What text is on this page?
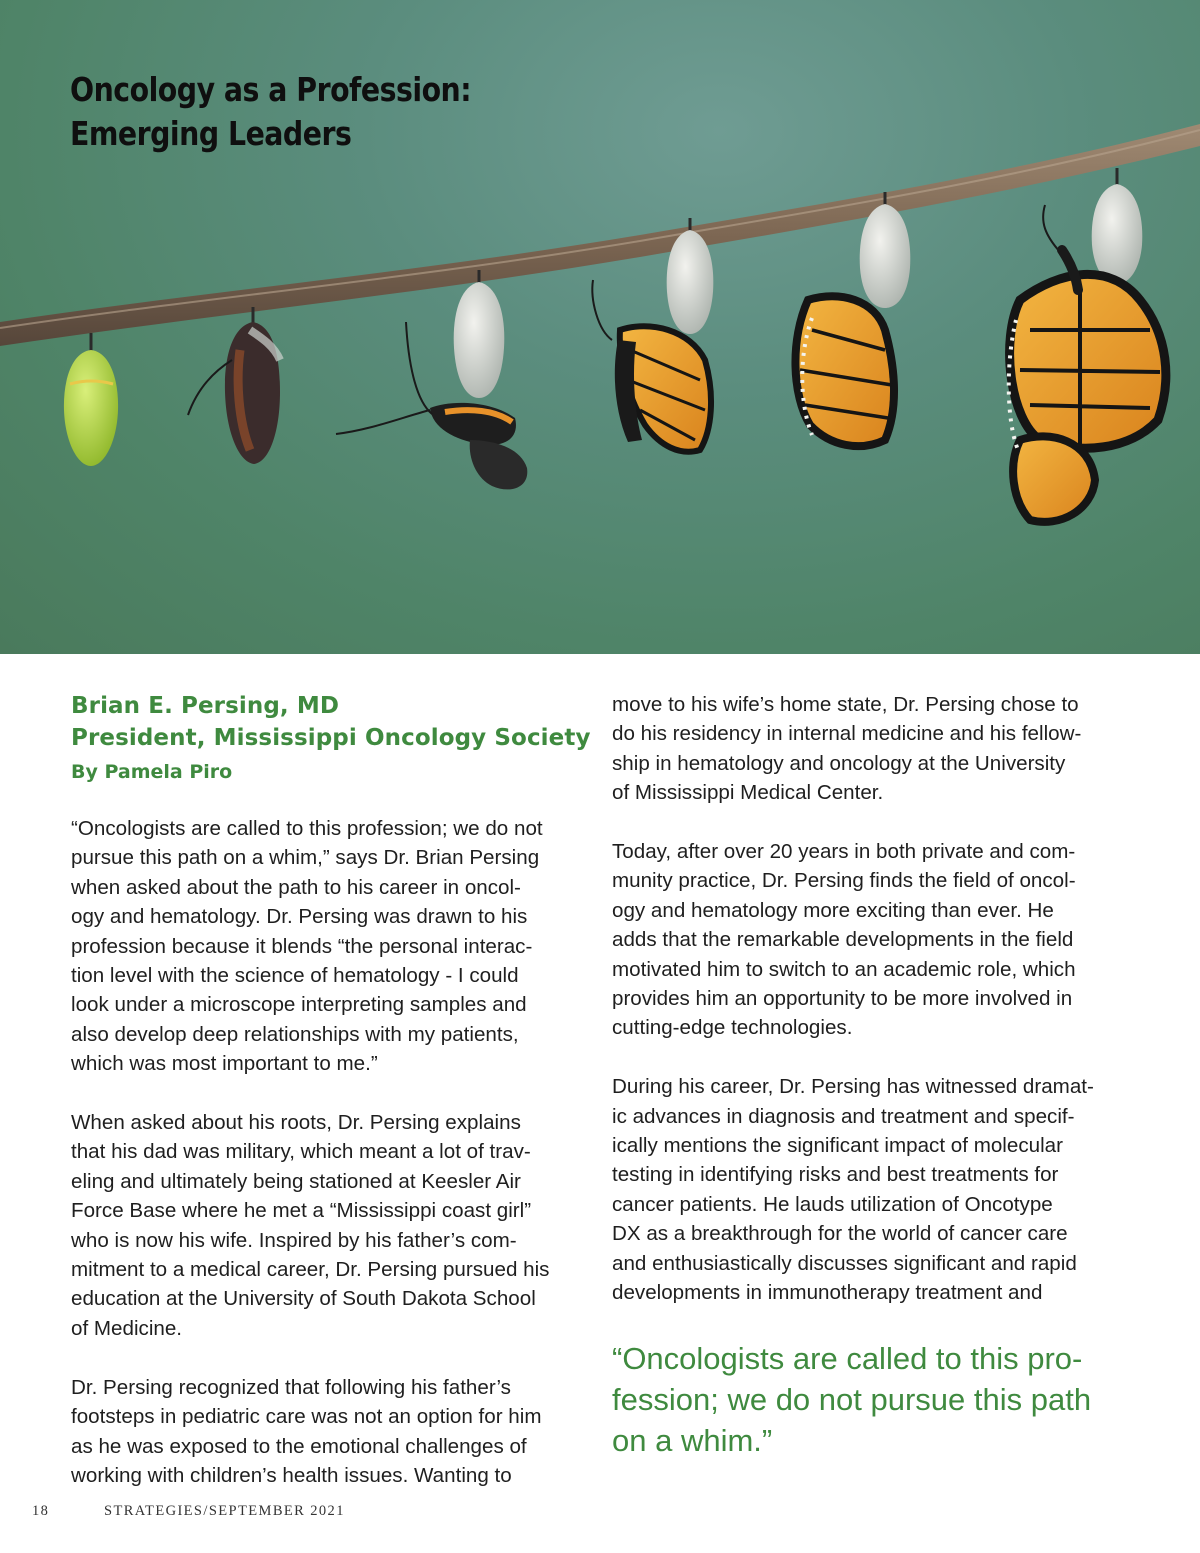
Oncology as a Profession:
Emerging Leaders

Brian E. Persing, MD

President, Mississippi Oncology Society

By Pamela Piro

“Oncologists are called to this profession; we do not

pursue this path on a whim,” says Dr. Brian Persing

when asked about the path to his career in oncol-

ogy and hematology. Dr. Persing was drawn to his

profession because it blends “the personal interac-

tion level with the science of hematology - I could

look under a microscope interpreting samples and

also develop deep relationships with my patients,

which was most important to me.”

When asked about his roots, Dr. Persing explains

that his dad was military, which meant a lot of trav-

eling and ultimately being stationed at Keesler Air

Force Base where he met a “Mississippi coast girl”

who is now his wife. Inspired by his father’s com-

mitment to a medical career, Dr. Persing pursued his

education at the University of South Dakota School

of Medicine.

Dr. Persing recognized that following his father’s

footsteps in pediatric care was not an option for him

as he was exposed to the emotional challenges of

working with children’s health issues. Wanting to

move to his wife’s home state, Dr. Persing chose to

do his residency in internal medicine and his fellow-

ship in hematology and oncology at the University

of Mississippi Medical Center.

Today, after over 20 years in both private and com-

munity practice, Dr. Persing finds the field of oncol-

ogy and hematology more exciting than ever. He

adds that the remarkable developments in the field

motivated him to switch to an academic role, which

provides him an opportunity to be more involved in

cutting-edge technologies.

During his career, Dr. Persing has witnessed dramat-

ic advances in diagnosis and treatment and specif-

ically mentions the significant impact of molecular

testing in identifying risks and best treatments for

cancer patients. He lauds utilization of Oncotype

DX as a breakthrough for the world of cancer care

and enthusiastically discusses significant and rapid

developments in immunotherapy treatment and

“Oncologists are called to this pro-

fession; we do not pursue this path

on a whim.”

18	STRATEGIES/SEPTEMBER 2021
